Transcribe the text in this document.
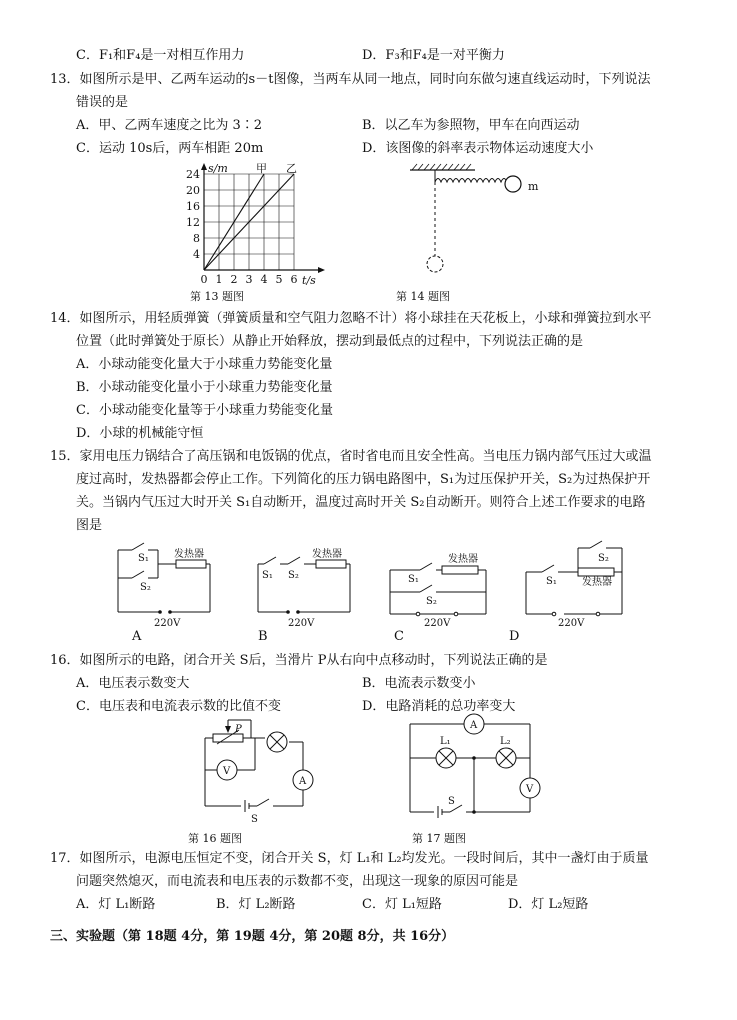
C．F₁和F₄是一对相互作用力	D．F₃和F₄是一对平衡力
13．如图所示是甲、乙两车运动的s－t图像，当两车从同一地点，同时向东做匀速直线运动时，下列说法
错误的是
A．甲、乙两车速度之比为 3∶2	B．以乙车为参照物，甲车在向西运动
C．运动 10s后，两车相距 20m	D．该图像的斜率表示物体运动速度大小
24
20
16
12
8
4
0 1 2 3 4 5 6
s/m
t/s
甲 乙
第 13 题图
m
第 14 题图
14．如图所示，用轻质弹簧（弹簧质量和空气阻力忽略不计）将小球挂在天花板上，小球和弹簧拉到水平
位置（此时弹簧处于原长）从静止开始释放，摆动到最低点的过程中，下列说法正确的是
A．小球动能变化量大于小球重力势能变化量
B．小球动能变化量小于小球重力势能变化量
C．小球动能变化量等于小球重力势能变化量
D．小球的机械能守恒
15．家用电压力锅结合了高压锅和电饭锅的优点，省时省电而且安全性高。当电压力锅内部气压过大或温
度过高时，发热器都会停止工作。下列简化的压力锅电路图中，S₁为过压保护开关，S₂为过热保护开
关。当锅内气压过大时开关 S₁自动断开，温度过高时开关 S₂自动断开。则符合上述工作要求的电路
图是
S₁
S₂
发热器
220V
A
S₁ S₂
发热器
220V
B
S₁
S₂
发热器
220V
C
S₁
S₂
发热器
220V
D
16．如图所示的电路，闭合开关 S后，当滑片 P从右向中点移动时，下列说法正确的是
A．电压表示数变大	B．电流表示数变小
C．电压表和电流表示数的比值不变	D．电路消耗的总功率变大
P
V
A
S
第 16 题图
A
L₁	L₂
V
S
第 17 题图
17．如图所示，电源电压恒定不变，闭合开关 S，灯 L₁和 L₂均发光。一段时间后，其中一盏灯由于质量
问题突然熄灭，而电流表和电压表的示数都不变，出现这一现象的原因可能是
A．灯 L₁断路	B．灯 L₂断路	C．灯 L₁短路	D．灯 L₂短路
三、实验题（第 18题 4分，第 19题 4分，第 20题 8分，共 16分）
